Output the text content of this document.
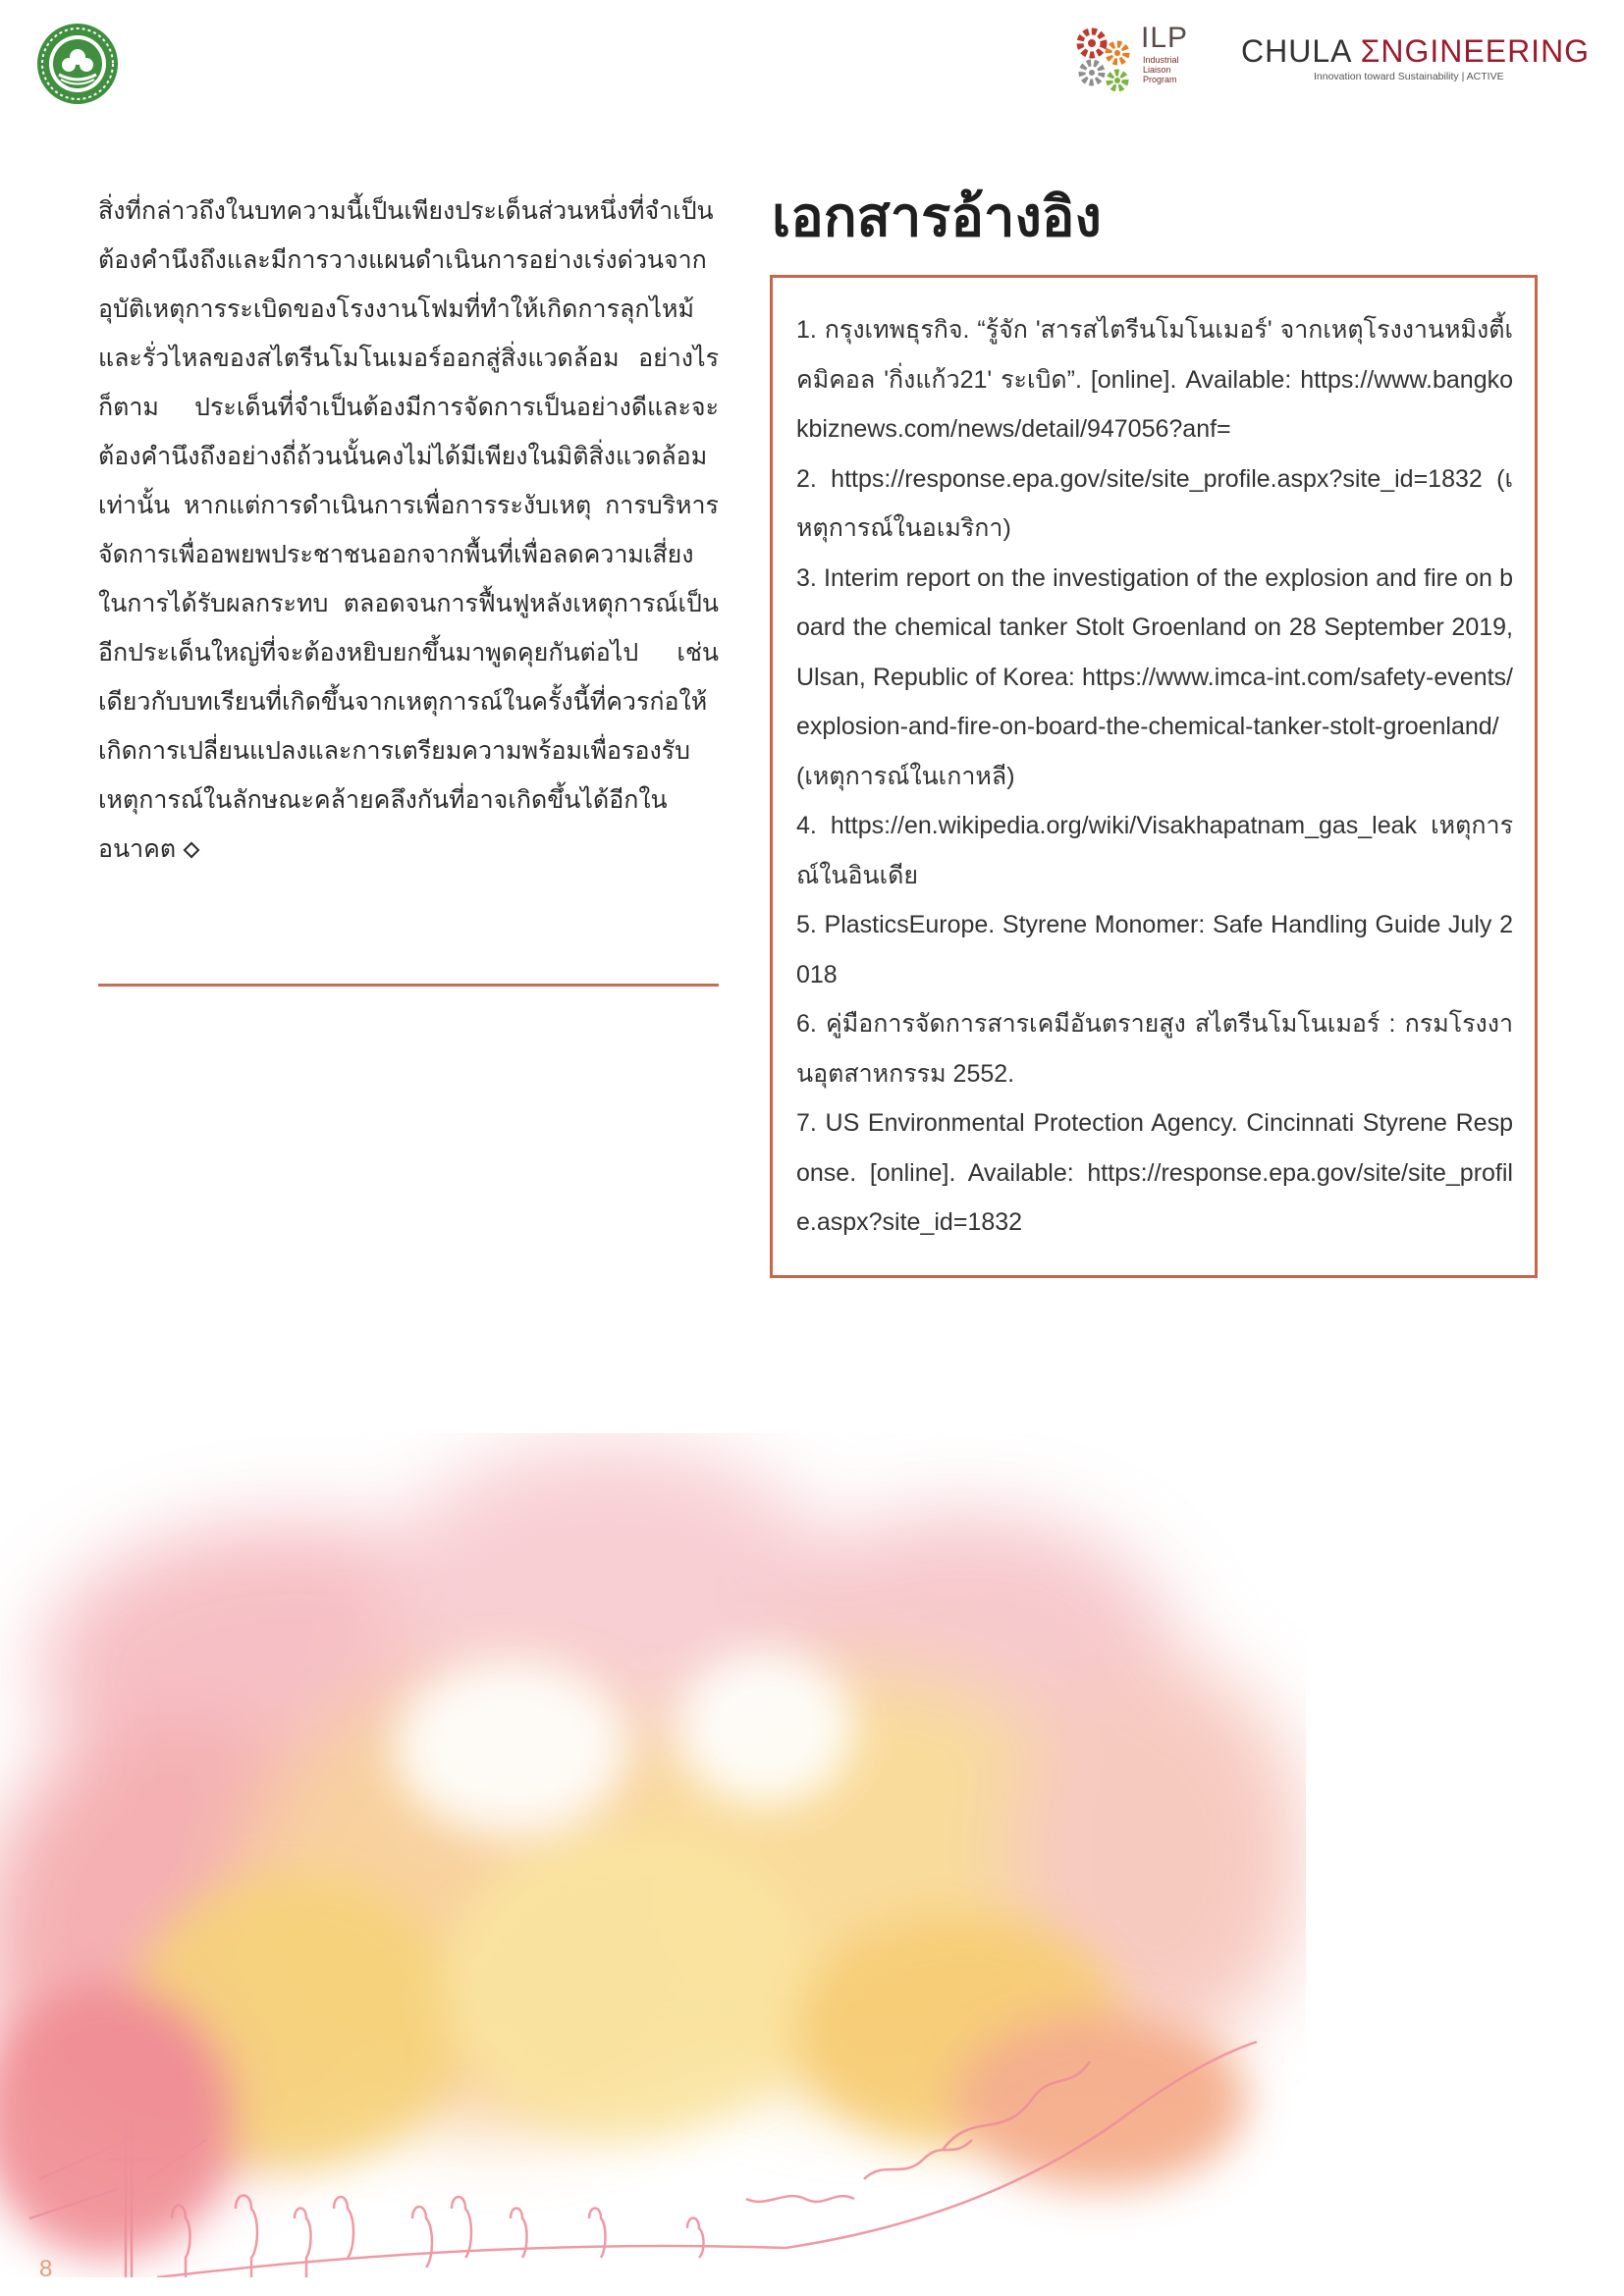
ILP
Industrial Liaison Program
CHULA ΣNGINEERING
Innovation toward Sustainability | ACTIVE

สิ่งที่กล่าวถึงในบทความนี้เป็นเพียงประเด็นส่วนหนึ่งที่จำเป็นต้องคำนึงถึงและมีการวางแผนดำเนินการอย่างเร่งด่วนจากอุบัติเหตุการระเบิดของโรงงานโฟมที่ทำให้เกิดการลุกไหม้และรั่วไหลของสไตรีนโมโนเมอร์ออกสู่สิ่งแวดล้อม อย่างไรก็ตาม ประเด็นที่จำเป็นต้องมีการจัดการเป็นอย่างดีและจะต้องคำนึงถึงอย่างถี่ถ้วนนั้นคงไม่ได้มีเพียงในมิติสิ่งแวดล้อมเท่านั้น หากแต่การดำเนินการเพื่อการระงับเหตุ การบริหารจัดการเพื่ออพยพประชาชนออกจากพื้นที่เพื่อลดความเสี่ยงในการได้รับผลกระทบ ตลอดจนการฟื้นฟูหลังเหตุการณ์เป็นอีกประเด็นใหญ่ที่จะต้องหยิบยกขึ้นมาพูดคุยกันต่อไป เช่นเดียวกับบทเรียนที่เกิดขึ้นจากเหตุการณ์ในครั้งนี้ที่ควรก่อให้เกิดการเปลี่ยนแปลงและการเตรียมความพร้อมเพื่อรองรับเหตุการณ์ในลักษณะคล้ายคลึงกันที่อาจเกิดขึ้นได้อีกในอนาคต

เอกสารอ้างอิง
1. กรุงเทพธุรกิจ. “รู้จัก 'สารสไตรีนโมโนเมอร์' จากเหตุโรงงานหมิงตี้เคมิคอล 'กิ่งแก้ว21' ระเบิด”. [online]. Available: https://www.bangkokbiznews.com/news/detail/947056?anf=
2. https://response.epa.gov/site/site_profile.aspx?site_id=1832 (เหตุการณ์ในอเมริกา)
3. Interim report on the investigation of the explosion and fire on board the chemical tanker Stolt Groenland on 28 September 2019, Ulsan, Republic of Korea: https://www.imca-int.com/safety-events/explosion-and-fire-on-board-the-chemical-tanker-stolt-groenland/ (เหตุการณ์ในเกาหลี)
4. https://en.wikipedia.org/wiki/Visakhapatnam_gas_leak เหตุการณ์ในอินเดีย
5. PlasticsEurope. Styrene Monomer: Safe Handling Guide July 2018
6. คู่มือการจัดการสารเคมีอันตรายสูง สไตรีนโมโนเมอร์ : กรมโรงงานอุตสาหกรรม 2552.
7. US Environmental Protection Agency. Cincinnati Styrene Response. [online]. Available: https://response.epa.gov/site/site_profile.aspx?site_id=1832
8
